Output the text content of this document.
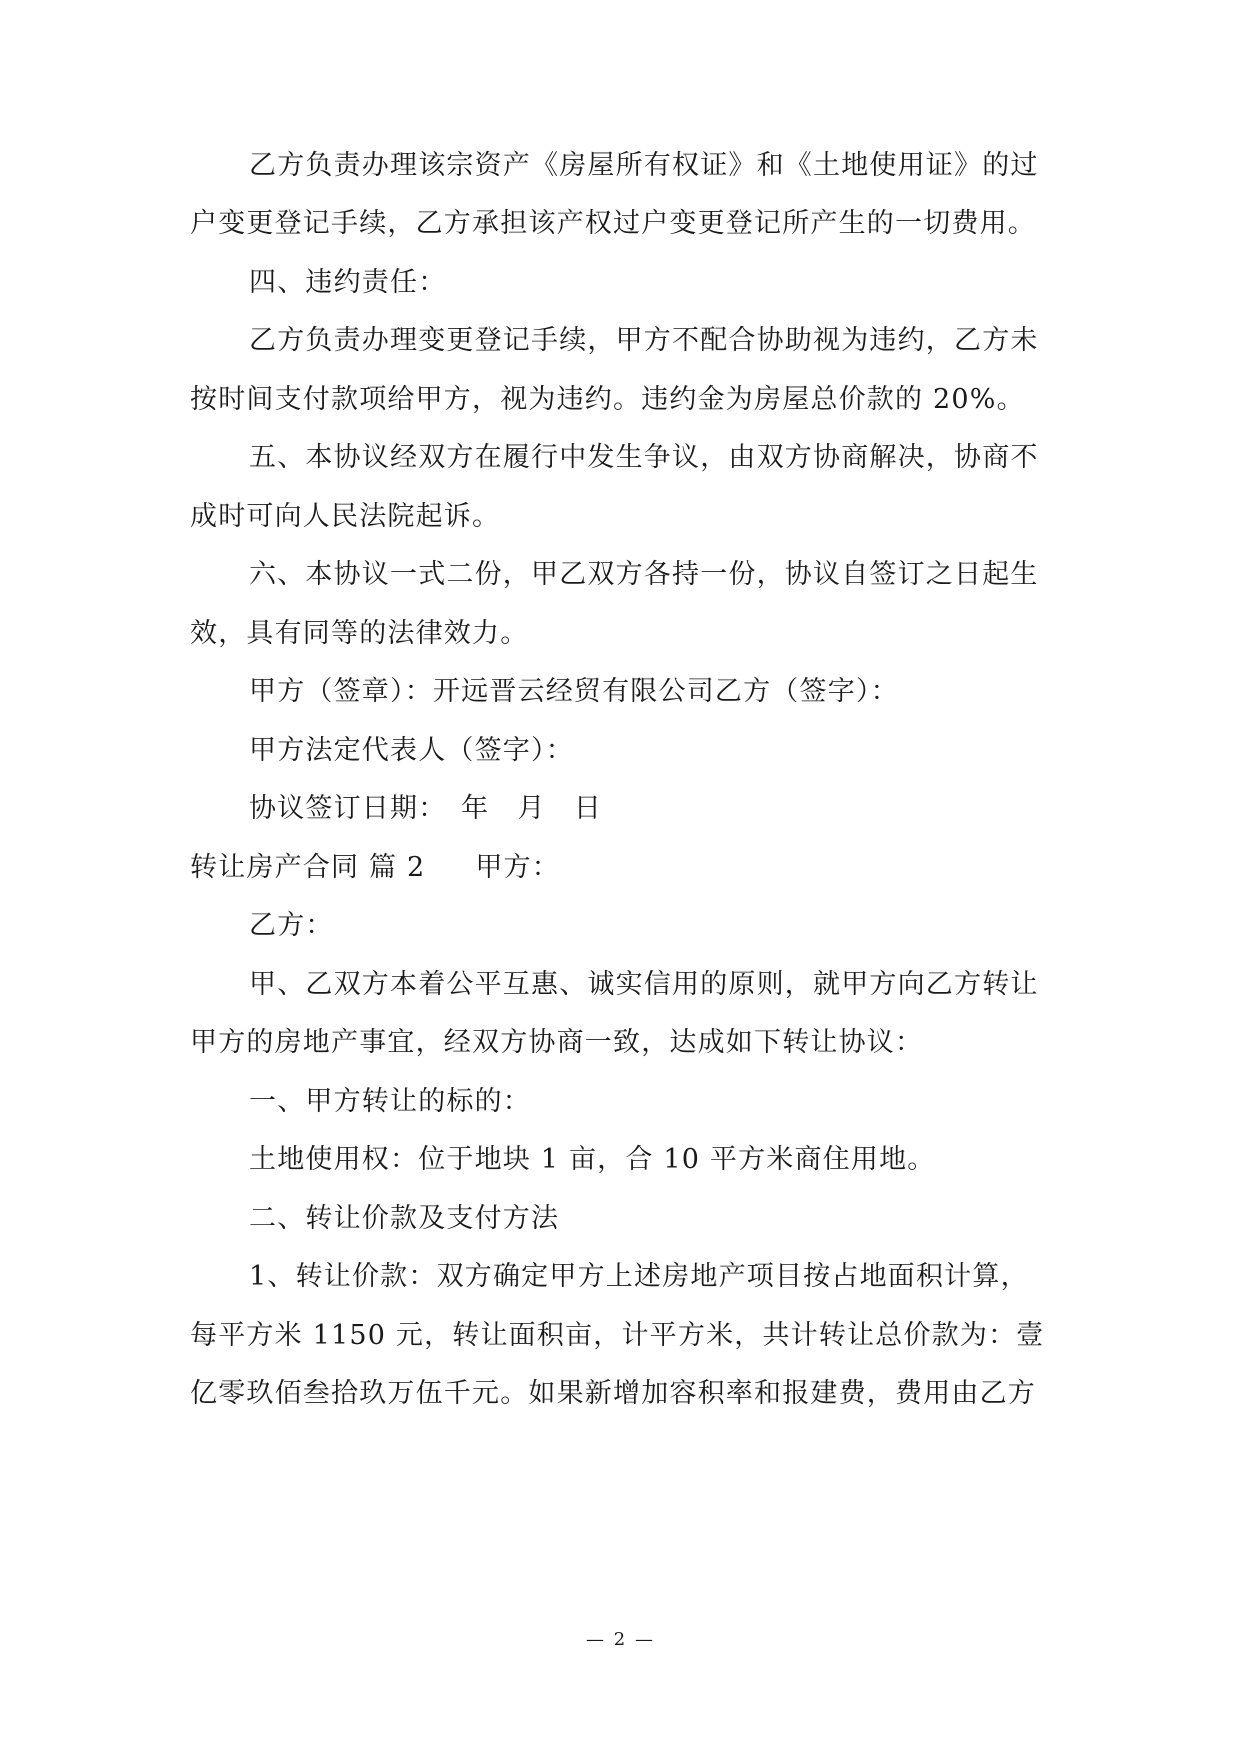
乙方负责办理该宗资产《房屋所有权证》和《土地使用证》的过
户变更登记手续，乙方承担该产权过户变更登记所产生的一切费用。
四、违约责任：
乙方负责办理变更登记手续，甲方不配合协助视为违约，乙方未
按时间支付款项给甲方，视为违约。违约金为房屋总价款的 20%。
五、本协议经双方在履行中发生争议，由双方协商解决，协商不
成时可向人民法院起诉。
六、本协议一式二份，甲乙双方各持一份，协议自签订之日起生
效，具有同等的法律效力。
甲方（签章）：开远晋云经贸有限公司乙方（签字）：
甲方法定代表人（签字）：
协议签订日期：　年　月　日
转让房产合同 篇 2 甲方：
乙方：
甲、乙双方本着公平互惠、诚实信用的原则，就甲方向乙方转让
甲方的房地产事宜，经双方协商一致，达成如下转让协议：
一、甲方转让的标的：
土地使用权：位于地块 1 亩，合 10 平方米商住用地。
二、转让价款及支付方法
1、转让价款：双方确定甲方上述房地产项目按占地面积计算，
每平方米 1150 元，转让面积亩，计平方米，共计转让总价款为：壹
亿零玖佰叁拾玖万伍千元。如果新增加容积率和报建费，费用由乙方
— 2 —
